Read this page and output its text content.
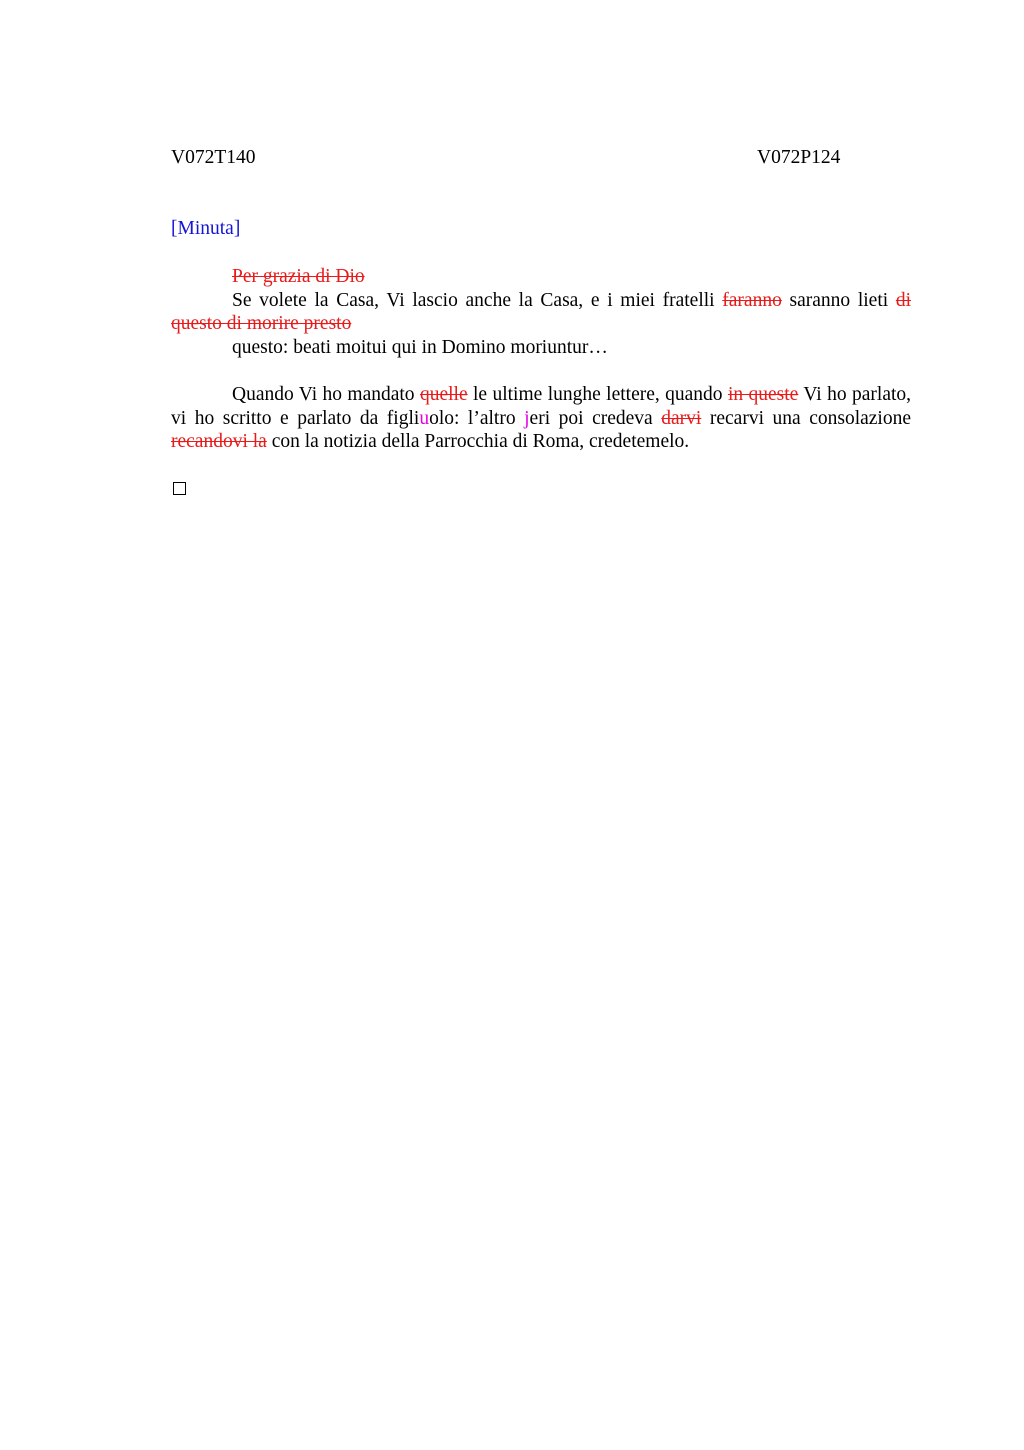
V072T140	V072P124
[Minuta]

Per grazia di Dio

Se volete la Casa, Vi lascio anche la Casa, e i miei fratelli faranno saranno lieti di questo di morire presto

questo: beati moitui qui in Domino moriuntur…

Quando Vi ho mandato quelle le ultime lunghe lettere, quando in queste Vi ho parlato, vi ho scritto e parlato da figliuolo: l’altro jeri poi credeva darvi recarvi una consolazione recandovi la con la notizia della Parrocchia di Roma, credetemelo.
